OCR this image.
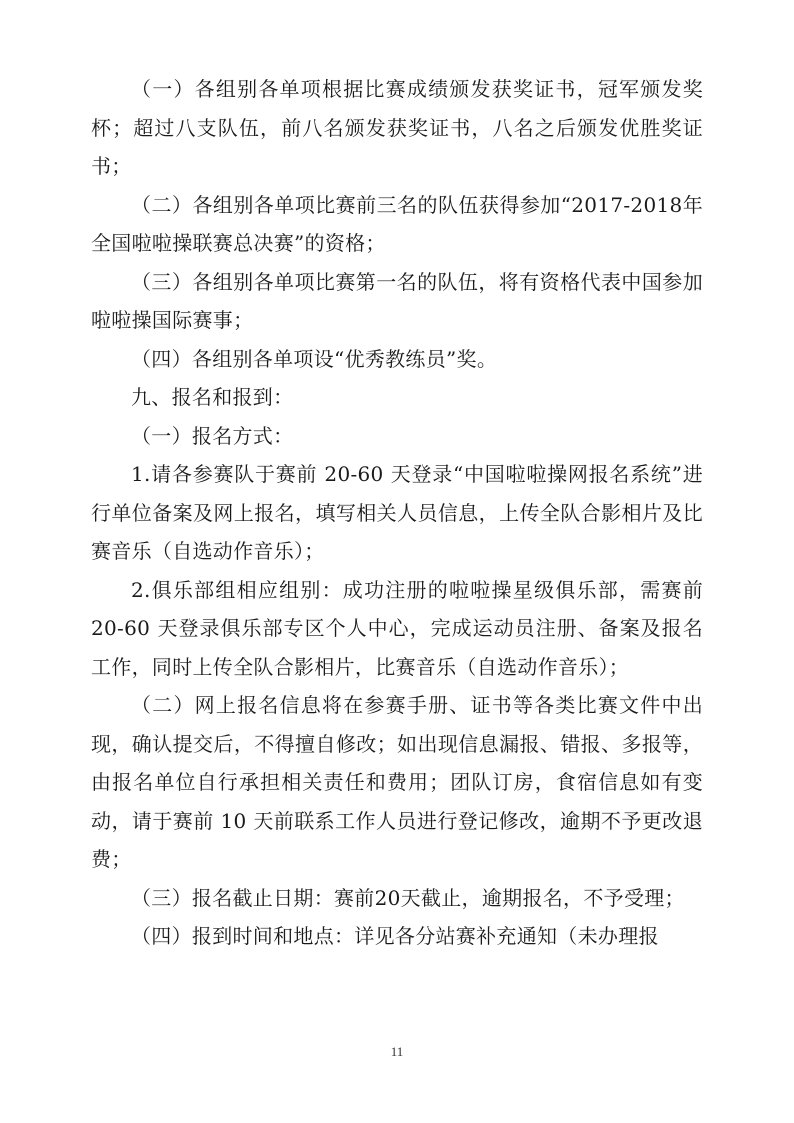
（一）各组别各单项根据比赛成绩颁发获奖证书，冠军颁发奖杯；超过八支队伍，前八名颁发获奖证书，八名之后颁发优胜奖证书；

（二）各组别各单项比赛前三名的队伍获得参加“2017-2018年全国啦啦操联赛总决赛”的资格；

（三）各组别各单项比赛第一名的队伍，将有资格代表中国参加啦啦操国际赛事；

（四）各组别各单项设“优秀教练员”奖。

九、报名和报到：

（一）报名方式：

1.请各参赛队于赛前 20-60 天登录“中国啦啦操网报名系统”进行单位备案及网上报名，填写相关人员信息，上传全队合影相片及比赛音乐（自选动作音乐）；

2.俱乐部组相应组别：成功注册的啦啦操星级俱乐部，需赛前 20-60 天登录俱乐部专区个人中心，完成运动员注册、备案及报名工作，同时上传全队合影相片，比赛音乐（自选动作音乐）；

（二）网上报名信息将在参赛手册、证书等各类比赛文件中出现，确认提交后，不得擅自修改；如出现信息漏报、错报、多报等，由报名单位自行承担相关责任和费用；团队订房，食宿信息如有变动，请于赛前 10 天前联系工作人员进行登记修改，逾期不予更改退费；

（三）报名截止日期：赛前20天截止，逾期报名，不予受理；

（四）报到时间和地点：详见各分站赛补充通知（未办理报

11
